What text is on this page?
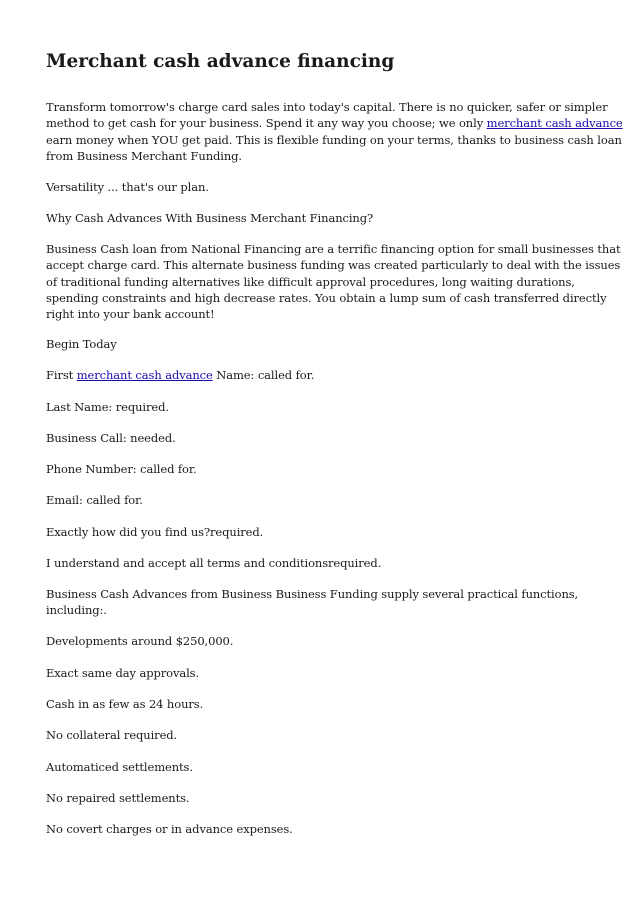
Merchant cash advance financing

Transform tomorrow's charge card sales into today's capital. There is no quicker, safer or simpler
method to get cash for your business. Spend it any way you choose; we only merchant cash advance
earn money when YOU get paid. This is flexible funding on your terms, thanks to business cash loan
from Business Merchant Funding.

Versatility ... that's our plan.

Why Cash Advances With Business Merchant Financing?

Business Cash loan from National Financing are a terrific financing option for small businesses that
accept charge card. This alternate business funding was created particularly to deal with the issues
of traditional funding alternatives like difficult approval procedures, long waiting durations,
spending constraints and high decrease rates. You obtain a lump sum of cash transferred directly
right into your bank account!

Begin Today

First merchant cash advance Name: called for.

Last Name: required.

Business Call: needed.

Phone Number: called for.

Email: called for.

Exactly how did you find us?required.

I understand and accept all terms and conditionsrequired.

Business Cash Advances from Business Business Funding supply several practical functions,
including:.

Developments around $250,000.

Exact same day approvals.

Cash in as few as 24 hours.

No collateral required.

Automaticed settlements.

No repaired settlements.

No covert charges or in advance expenses.
